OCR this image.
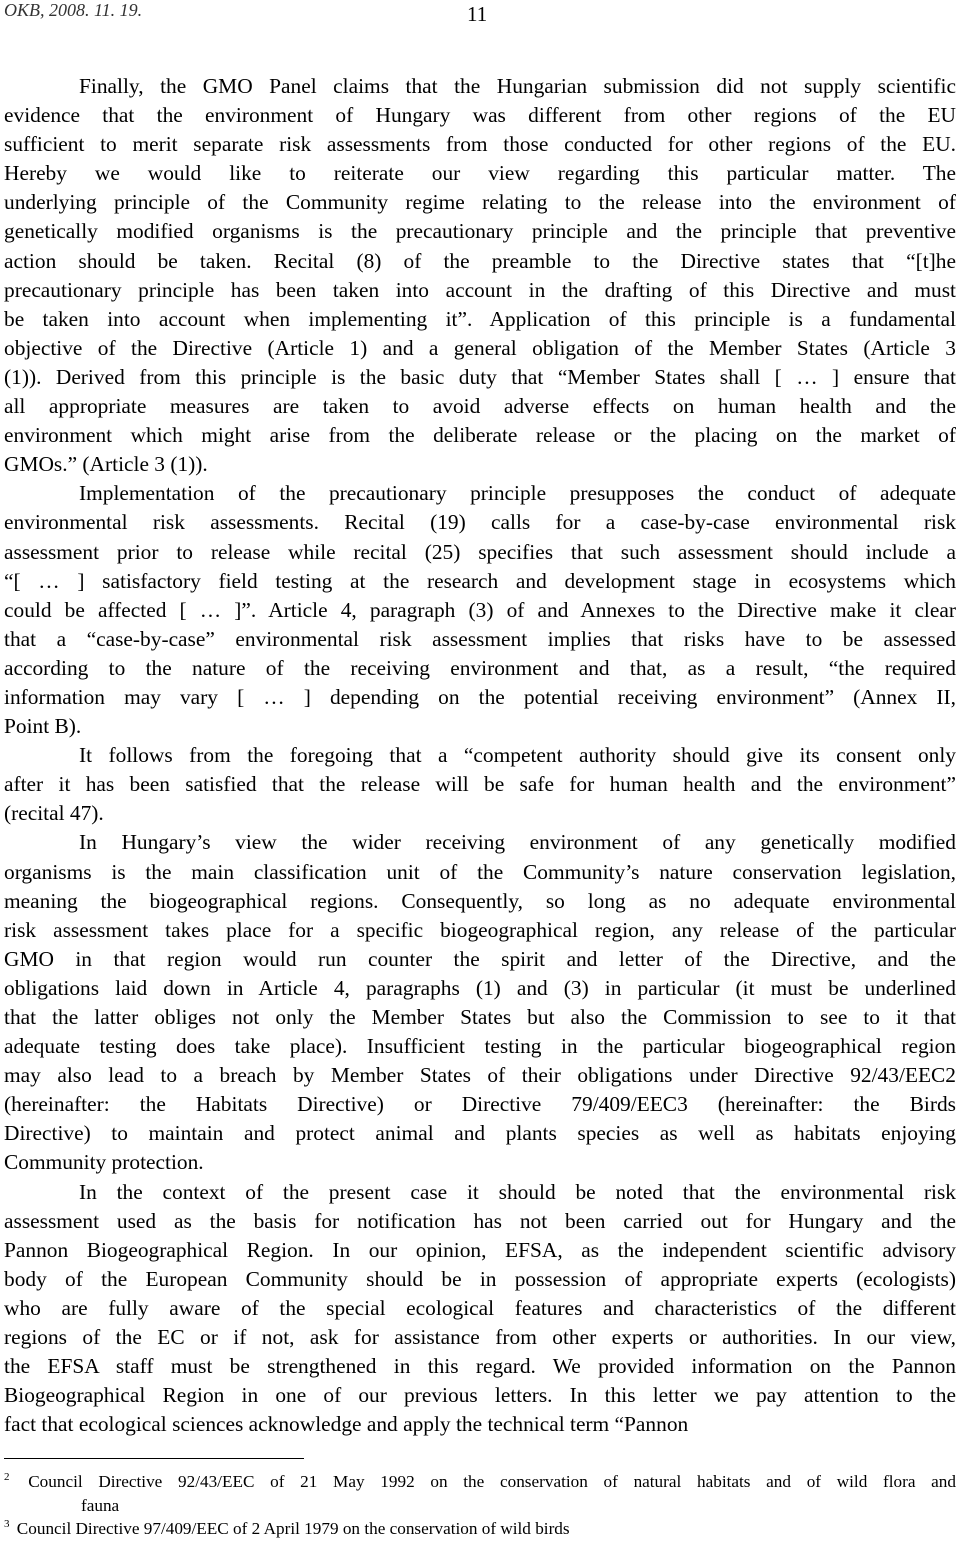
OKB, 2008. 11. 19.	11
Finally, the GMO Panel claims that the Hungarian submission did not supply scientific
evidence that the environment of Hungary was different from other regions of the EU
sufficient to merit separate risk assessments from those conducted for other regions of the EU.
Hereby we would like to reiterate our view regarding this particular matter. The
underlying principle of the Community regime relating to the release into the environment of
genetically modified organisms is the precautionary principle and the principle that preventive
action should be taken. Recital (8) of the preamble to the Directive states that “[t]he
precautionary principle has been taken into account in the drafting of this Directive and must
be taken into account when implementing it”. Application of this principle is a fundamental
objective of the Directive (Article 1) and a general obligation of the Member States (Article 3
(1)). Derived from this principle is the basic duty that “Member States shall [ … ] ensure that
all appropriate measures are taken to avoid adverse effects on human health and the
environment which might arise from the deliberate release or the placing on the market of
GMOs.” (Article 3 (1)).
Implementation of the precautionary principle presupposes the conduct of adequate
environmental risk assessments. Recital (19) calls for a case-by-case environmental risk
assessment prior to release while recital (25) specifies that such assessment should include a
“[ … ] satisfactory field testing at the research and development stage in ecosystems which
could be affected [ … ]”. Article 4, paragraph (3) of and Annexes to the Directive make it clear
that a “case-by-case” environmental risk assessment implies that risks have to be assessed
according to the nature of the receiving environment and that, as a result, “the required
information may vary [ … ] depending on the potential receiving environment” (Annex II,
Point B).
It follows from the foregoing that a “competent authority should give its consent only
after it has been satisfied that the release will be safe for human health and the environment”
(recital 47).
In Hungary’s view the wider receiving environment of any genetically modified
organisms is the main classification unit of the Community’s nature conservation legislation,
meaning the biogeographical regions. Consequently, so long as no adequate environmental
risk assessment takes place for a specific biogeographical region, any release of the particular
GMO in that region would run counter the spirit and letter of the Directive, and the
obligations laid down in Article 4, paragraphs (1) and (3) in particular (it must be underlined
that the latter obliges not only the Member States but also the Commission to see to it that
adequate testing does take place). Insufficient testing in the particular biogeographical region
may also lead to a breach by Member States of their obligations under Directive 92/43/EEC2
(hereinafter: the Habitats Directive) or Directive 79/409/EEC3 (hereinafter: the Birds
Directive) to maintain and protect animal and plants species as well as habitats enjoying
Community protection.
In the context of the present case it should be noted that the environmental risk
assessment used as the basis for notification has not been carried out for Hungary and the
Pannon Biogeographical Region. In our opinion, EFSA, as the independent scientific advisory
body of the European Community should be in possession of appropriate experts (ecologists)
who are fully aware of the special ecological features and characteristics of the different
regions of the EC or if not, ask for assistance from other experts or authorities. In our view,
the EFSA staff must be strengthened in this regard. We provided information on the Pannon
Biogeographical Region in one of our previous letters. In this letter we pay attention to the
fact that ecological sciences acknowledge and apply the technical term “Pannon
$^2$ Council Directive 92/43/EEC of 21 May 1992 on the conservation of natural habitats and of wild flora and
fauna
$^3$ Council Directive 97/409/EEC of 2 April 1979 on the conservation of wild birds
